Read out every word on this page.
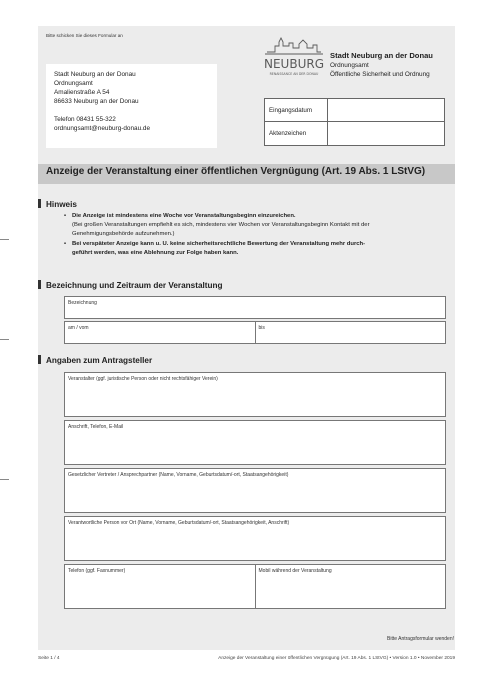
Bitte schicken Sie dieses Formular an
Stadt Neuburg an der Donau
Ordnungsamt
Amalienstraße A 54
86633 Neuburg an der Donau
Telefon 08431 55-322
ordnungsamt@neuburg-donau.de
NEUBURG
RENAISSANCE AN DER DONAU
Stadt Neuburg an der Donau
Ordnungsamt
Öffentliche Sicherheit und Ordnung
Eingangsdatum
Aktenzeichen
Anzeige der Veranstaltung einer öffentlichen Vergnügung (Art. 19 Abs. 1 LStVG)
Hinweis
• Die Anzeige ist mindestens eine Woche vor Veranstaltungsbeginn einzureichen.
(Bei großen Veranstaltungen empfiehlt es sich, mindestens vier Wochen vor Veranstaltungsbeginn Kontakt mit der
Genehmigungsbehörde aufzunehmen.)
• Bei verspäteter Anzeige kann u. U. keine sicherheitsrechtliche Bewertung der Veranstaltung mehr durch-
geführt werden, was eine Ablehnung zur Folge haben kann.
Bezeichnung und Zeitraum der Veranstaltung
Bezeichnung
am / vom	bis
Angaben zum Antragsteller
Veranstalter (ggf. juristische Person oder nicht rechtsfähiger Verein)
Anschrift, Telefon, E-Mail
Gesetzlicher Vertreter / Ansprechpartner (Name, Vorname, Geburtsdatum/-ort, Staatsangehörigkeit)
Verantwortliche Person vor Ort (Name, Vorname, Geburtsdatum/-ort, Staatsangehörigkeit, Anschrift)
Telefon (ggf. Faxnummer)	Mobil während der Veranstaltung
Bitte Antragsformular wenden!
Seite 1 / 4	Anzeige der Veranstaltung einer öffentlichen Vergnügung (Art. 19 Abs. 1 LStVG) • Version 1.0 • November 2019
